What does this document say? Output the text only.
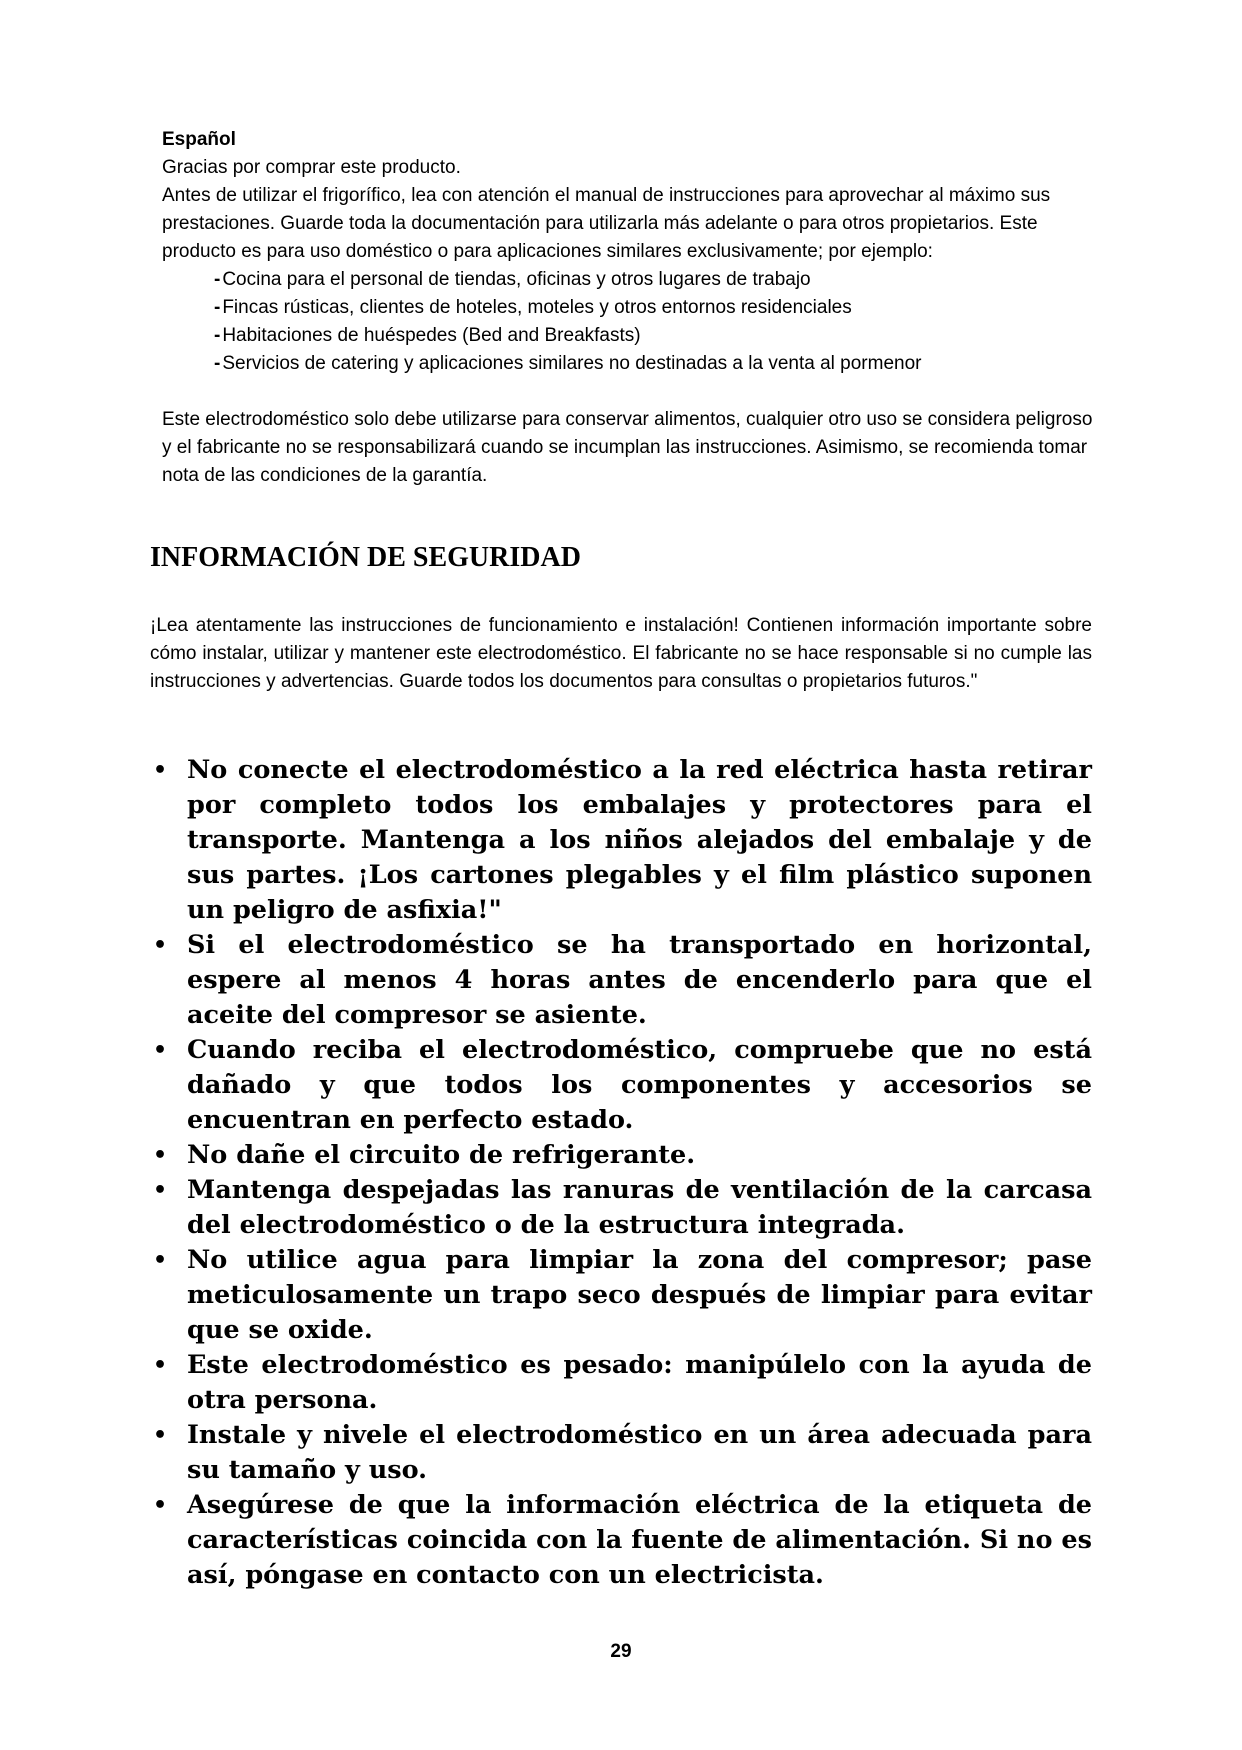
Español

Gracias por comprar este producto.

Antes de utilizar el frigorífico, lea con atención el manual de instrucciones para aprovechar al máximo sus prestaciones. Guarde toda la documentación para utilizarla más adelante o para otros propietarios. Este producto es para uso doméstico o para aplicaciones similares exclusivamente; por ejemplo:

- Cocina para el personal de tiendas, oficinas y otros lugares de trabajo
- Fincas rústicas, clientes de hoteles, moteles y otros entornos residenciales
- Habitaciones de huéspedes (Bed and Breakfasts)
- Servicios de catering y aplicaciones similares no destinadas a la venta al pormenor

Este electrodoméstico solo debe utilizarse para conservar alimentos, cualquier otro uso se considera peligroso y el fabricante no se responsabilizará cuando se incumplan las instrucciones. Asimismo, se recomienda tomar nota de las condiciones de la garantía.

INFORMACIÓN DE SEGURIDAD

¡Lea atentamente las instrucciones de funcionamiento e instalación! Contienen información importante sobre cómo instalar, utilizar y mantener este electrodoméstico. El fabricante no se hace responsable si no cumple las instrucciones y advertencias. Guarde todos los documentos para consultas o propietarios futuros."

• No conecte el electrodoméstico a la red eléctrica hasta retirar por completo todos los embalajes y protectores para el transporte. Mantenga a los niños alejados del embalaje y de sus partes. ¡Los cartones plegables y el film plástico suponen un peligro de asfixia!"
• Si el electrodoméstico se ha transportado en horizontal, espere al menos 4 horas antes de encenderlo para que el aceite del compresor se asiente.
• Cuando reciba el electrodoméstico, compruebe que no está dañado y que todos los componentes y accesorios se encuentran en perfecto estado.
• No dañe el circuito de refrigerante.
• Mantenga despejadas las ranuras de ventilación de la carcasa del electrodoméstico o de la estructura integrada.
• No utilice agua para limpiar la zona del compresor; pase meticulosamente un trapo seco después de limpiar para evitar que se oxide.
• Este electrodoméstico es pesado: manipúlelo con la ayuda de otra persona.
• Instale y nivele el electrodoméstico en un área adecuada para su tamaño y uso.
• Asegúrese de que la información eléctrica de la etiqueta de características coincida con la fuente de alimentación. Si no es así, póngase en contacto con un electricista.
29
